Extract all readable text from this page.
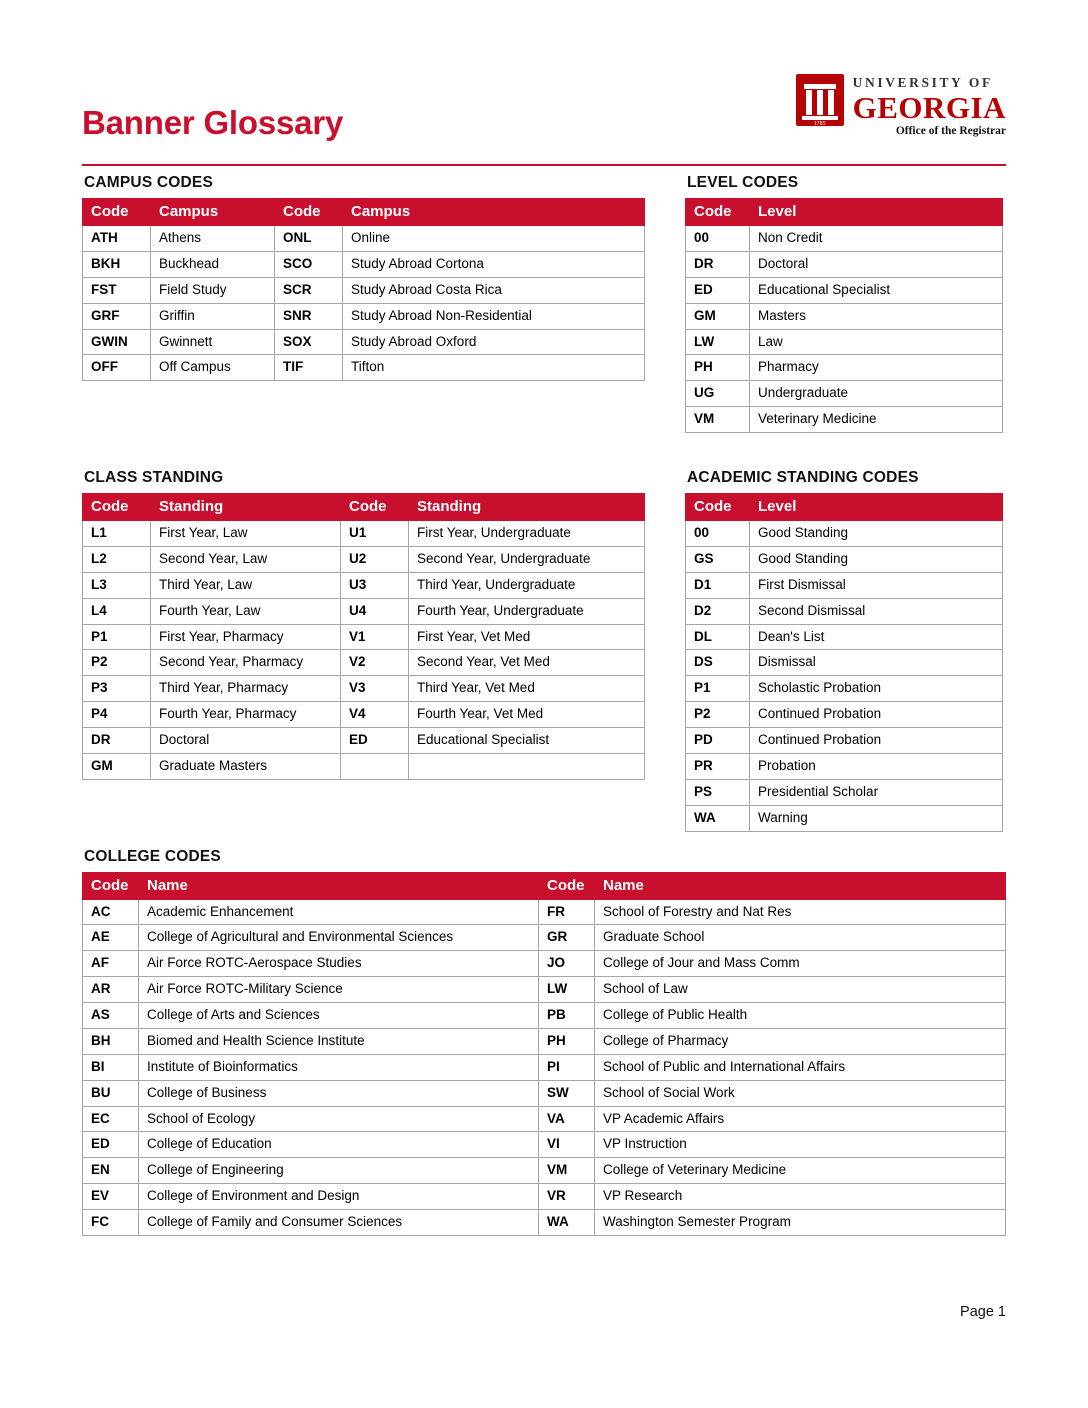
Banner Glossary	1785
UNIVERSITY OF
GEORGIA
Office of the Registrar
CAMPUS CODES
Code	Campus	Code	Campus
ATH	Athens	ONL	Online
BKH	Buckhead	SCO	Study Abroad Cortona
FST	Field Study	SCR	Study Abroad Costa Rica
GRF	Griffin	SNR	Study Abroad Non-Residential
GWIN	Gwinnett	SOX	Study Abroad Oxford
OFF	Off Campus	TIF	Tifton
LEVEL CODES
Code	Level
00	Non Credit
DR	Doctoral
ED	Educational Specialist
GM	Masters
LW	Law
PH	Pharmacy
UG	Undergraduate
VM	Veterinary Medicine
CLASS STANDING
Code	Standing	Code	Standing
L1	First Year, Law	U1	First Year, Undergraduate
L2	Second Year, Law	U2	Second Year, Undergraduate
L3	Third Year, Law	U3	Third Year, Undergraduate
L4	Fourth Year, Law	U4	Fourth Year, Undergraduate
P1	First Year, Pharmacy	V1	First Year, Vet Med
P2	Second Year, Pharmacy	V2	Second Year, Vet Med
P3	Third Year, Pharmacy	V3	Third Year, Vet Med
P4	Fourth Year, Pharmacy	V4	Fourth Year, Vet Med
DR	Doctoral	ED	Educational Specialist
GM	Graduate Masters		
ACADEMIC STANDING CODES
Code	Level
00	Good Standing
GS	Good Standing
D1	First Dismissal
D2	Second Dismissal
DL	Dean's List
DS	Dismissal
P1	Scholastic Probation
P2	Continued Probation
PD	Continued Probation
PR	Probation
PS	Presidential Scholar
WA	Warning
COLLEGE CODES
Code	Name	Code	Name
AC	Academic Enhancement	FR	School of Forestry and Nat Res
AE	College of Agricultural and Environmental Sciences	GR	Graduate School
AF	Air Force ROTC-Aerospace Studies	JO	College of Jour and Mass Comm
AR	Air Force ROTC-Military Science	LW	School of Law
AS	College of Arts and Sciences	PB	College of Public Health
BH	Biomed and Health Science Institute	PH	College of Pharmacy
BI	Institute of Bioinformatics	PI	School of Public and International Affairs
BU	College of Business	SW	School of Social Work
EC	School of Ecology	VA	VP Academic Affairs
ED	College of Education	VI	VP Instruction
EN	College of Engineering	VM	College of Veterinary Medicine
EV	College of Environment and Design	VR	VP Research
FC	College of Family and Consumer Sciences	WA	Washington Semester Program
Page 1
